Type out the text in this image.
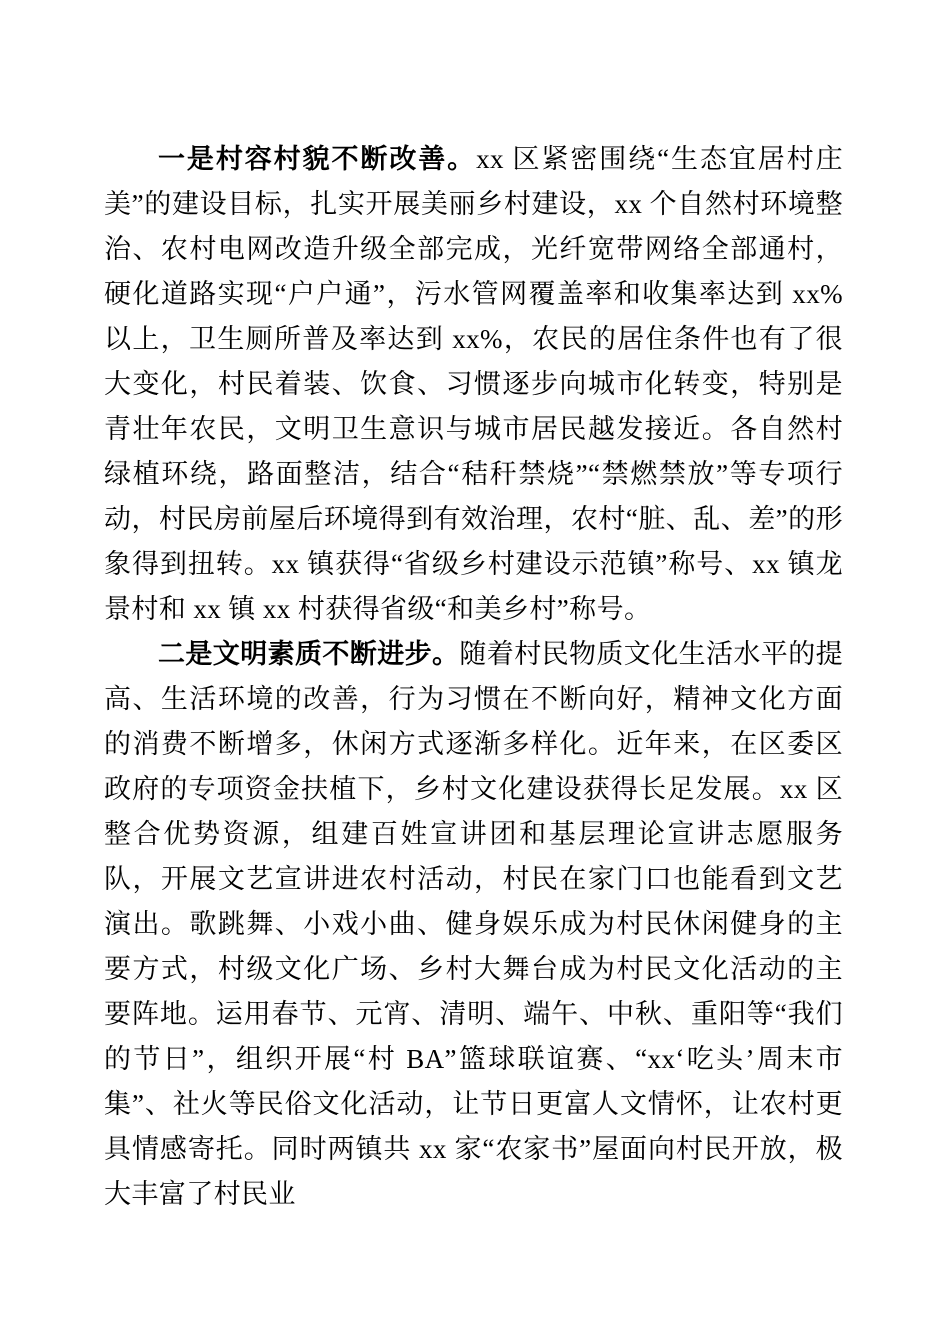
一是村容村貌不断改善。xx 区紧密围绕“生态宜居村庄美”的建设目标，扎实开展美丽乡村建设，xx 个自然村环境整治、农村电网改造升级全部完成，光纤宽带网络全部通村，硬化道路实现“户户通”，污水管网覆盖率和收集率达到 xx%以上，卫生厕所普及率达到 xx%，农民的居住条件也有了很大变化，村民着装、饮食、习惯逐步向城市化转变，特别是青壮年农民，文明卫生意识与城市居民越发接近。各自然村绿植环绕，路面整洁，结合“秸秆禁烧”“禁燃禁放”等专项行动，村民房前屋后环境得到有效治理，农村“脏、乱、差”的形象得到扭转。xx 镇获得“省级乡村建设示范镇”称号、xx 镇龙景村和 xx 镇 xx 村获得省级“和美乡村”称号。

二是文明素质不断进步。随着村民物质文化生活水平的提高、生活环境的改善，行为习惯在不断向好，精神文化方面的消费不断增多，休闲方式逐渐多样化。近年来，在区委区政府的专项资金扶植下，乡村文化建设获得长足发展。xx 区整合优势资源，组建百姓宣讲团和基层理论宣讲志愿服务队，开展文艺宣讲进农村活动，村民在家门口也能看到文艺演出。歌跳舞、小戏小曲、健身娱乐成为村民休闲健身的主要方式，村级文化广场、乡村大舞台成为村民文化活动的主要阵地。运用春节、元宵、清明、端午、中秋、重阳等“我们的节日”，组织开展“村 BA”篮球联谊赛、“xx‘吃头’周末市集”、社火等民俗文化活动，让节日更富人文情怀，让农村更具情感寄托。同时两镇共 xx 家“农家书”屋面向村民开放，极大丰富了村民业
